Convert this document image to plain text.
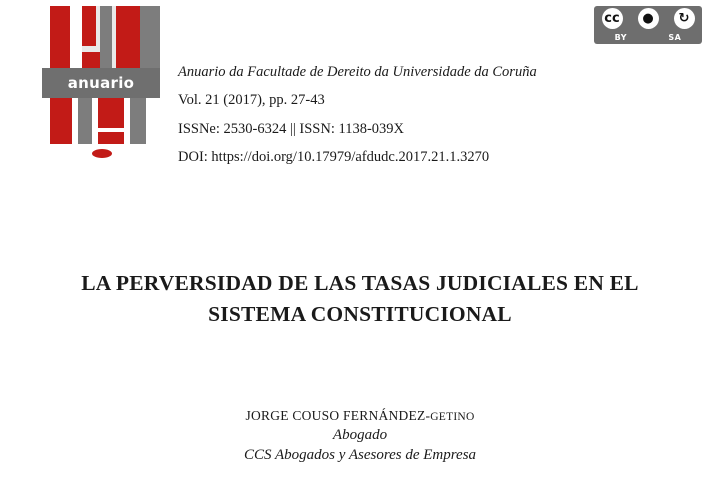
anuario
cc	●	↻
BY	SA
Anuario da Facultade de Dereito da Universidade da Coruña
Vol. 21 (2017), pp. 27-43
ISSNe: 2530-6324 || ISSN: 1138-039X
DOI: https://doi.org/10.17979/afdudc.2017.21.1.3270
LA PERVERSIDAD DE LAS TASAS JUDICIALES EN EL
SISTEMA CONSTITUCIONAL
JORGE COUSO FERNÁNDEZ-GETINO
Abogado
CCS Abogados y Asesores de Empresa
